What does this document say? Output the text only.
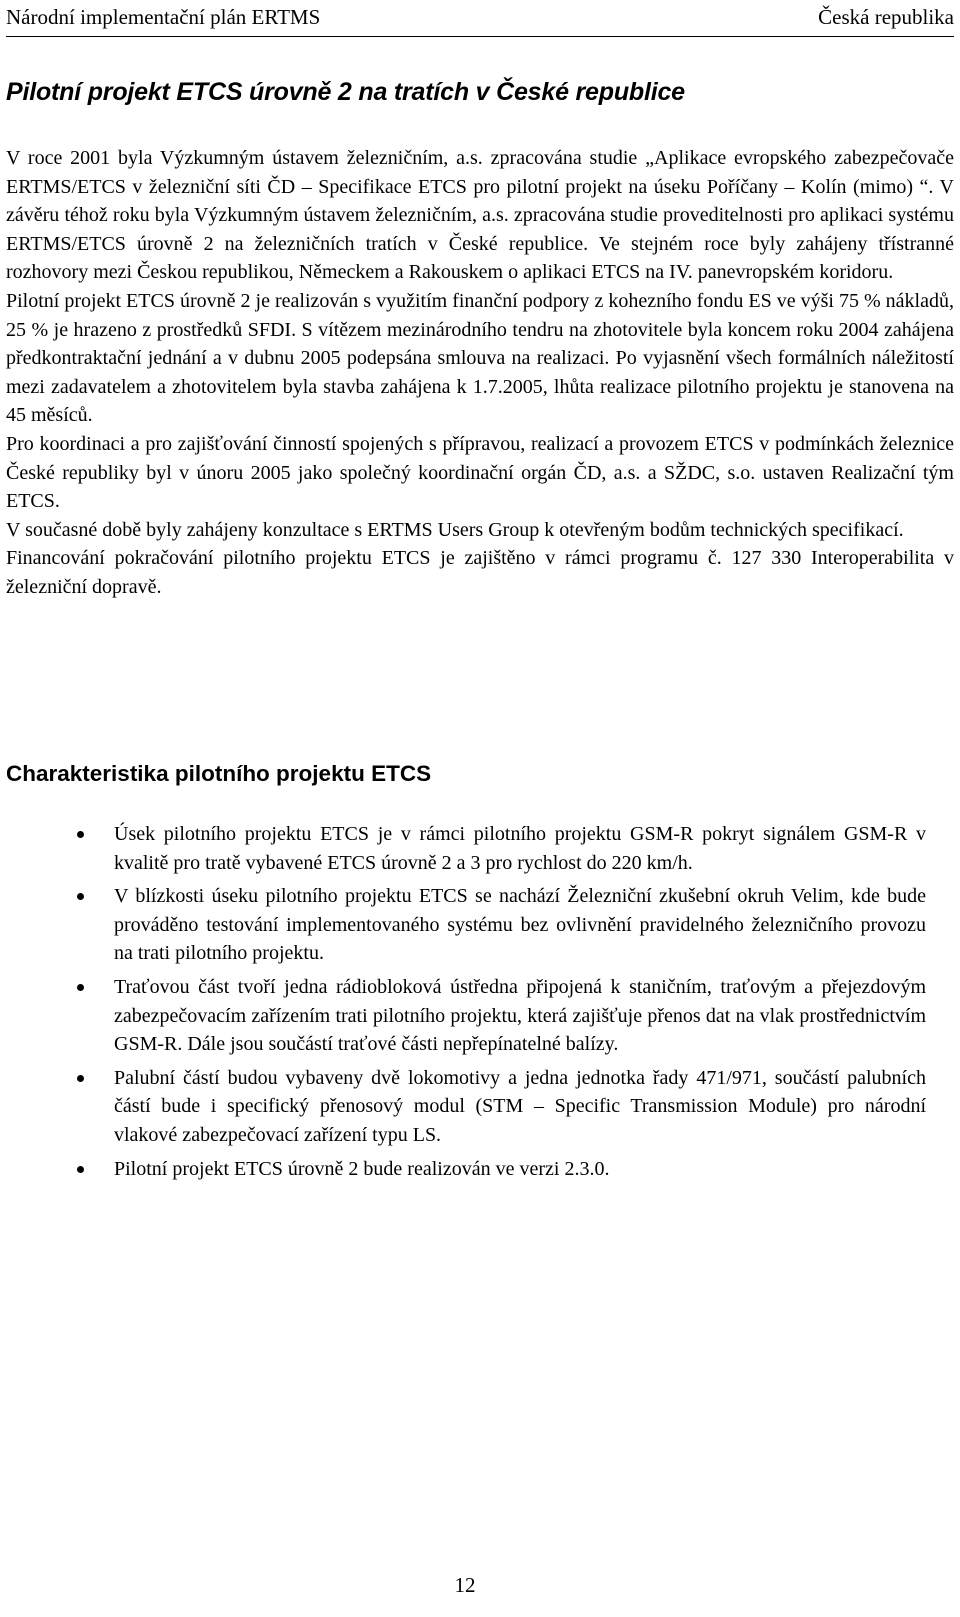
Národní implementační plán ERTMS	Česká republika
Pilotní projekt ETCS úrovně 2 na tratích v České republice

V roce 2001 byla Výzkumným ústavem železničním, a.s. zpracována studie „Aplikace evropského zabezpečovače ERTMS/ETCS v železniční síti ČD – Specifikace ETCS pro pilotní projekt na úseku Poříčany – Kolín (mimo) “. V závěru téhož roku byla Výzkumným ústavem železničním, a.s. zpracována studie proveditelnosti pro aplikaci systému ERTMS/ETCS úrovně 2 na železničních tratích v České republice. Ve stejném roce byly zahájeny třístranné rozhovory mezi Českou republikou, Německem a Rakouskem o aplikaci ETCS na IV. panevropském koridoru.

Pilotní projekt ETCS úrovně 2 je realizován s využitím finanční podpory z kohezního fondu ES ve výši 75 % nákladů, 25 % je hrazeno z prostředků SFDI. S vítězem mezinárodního tendru na zhotovitele byla koncem roku 2004 zahájena předkontraktační jednání a v dubnu 2005 podepsána smlouva na realizaci. Po vyjasnění všech formálních náležitostí mezi zadavatelem a zhotovitelem byla stavba zahájena k 1.7.2005, lhůta realizace pilotního projektu je stanovena na 45 měsíců.

Pro koordinaci a pro zajišťování činností spojených s přípravou, realizací a provozem ETCS v podmínkách železnice České republiky byl v únoru 2005 jako společný koordinační orgán ČD, a.s. a SŽDC, s.o. ustaven Realizační tým ETCS.

V současné době byly zahájeny konzultace s ERTMS Users Group k otevřeným bodům technických specifikací.

Financování pokračování pilotního projektu ETCS je zajištěno v rámci programu č. 127 330 Interoperabilita v železniční dopravě.

Charakteristika pilotního projektu ETCS
Úsek pilotního projektu ETCS je v rámci pilotního projektu GSM-R pokryt signálem GSM-R v kvalitě pro tratě vybavené ETCS úrovně 2 a 3 pro rychlost do 220 km/h.
V blízkosti úseku pilotního projektu ETCS se nachází Železniční zkušební okruh Velim, kde bude prováděno testování implementovaného systému bez ovlivnění pravidelného železničního provozu na trati pilotního projektu.
Traťovou část tvoří jedna rádioblоková ústředna připojená k staničním, traťovým a přejezdovým zabezpečovacím zařízením trati pilotního projektu, která zajišťuje přenos dat na vlak prostřednictvím GSM-R. Dále jsou součástí traťové části nepřepínatelné balízy.
Palubní částí budou vybaveny dvě lokomotivy a jedna jednotka řady 471/971, součástí palubních částí bude i specifický přenosový modul (STM – Specific Transmission Module) pro národní vlakové zabezpečovací zařízení typu LS.
Pilotní projekt ETCS úrovně 2 bude realizován ve verzi 2.3.0.
12
